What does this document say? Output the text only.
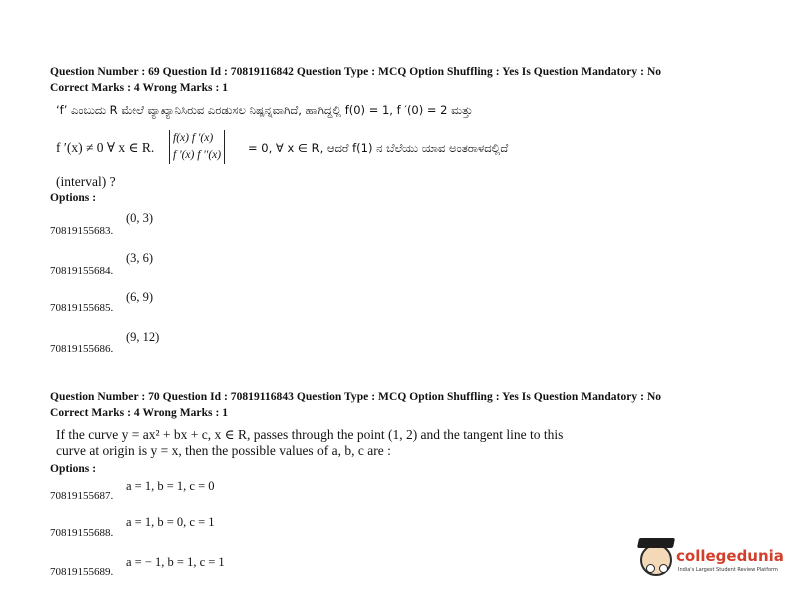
Question Number : 69 Question Id : 70819116842 Question Type : MCQ Option Shuffling : Yes Is Question Mandatory : No
Correct Marks : 4 Wrong Marks : 1
‘f’ ಎಂಬುದು R ಮೇಲೆ ವ್ಯಾಖ್ಯಾನಿಸಿರುವ ಎರಡುಸಲ ನಿಷ್ಪನ್ನವಾಗಿದೆ, ಹಾಗಿದ್ದಲ್ಲಿ f(0) = 1, f ′(0) = 2 ಮತ್ತು
f ′(x) ≠ 0 ∀ x ∈ R.
f(x) f ′(x)
f ′(x) f ′′(x) = 0, ∀ x ∈ R, ಆದರೆ f(1) ನ ಬೆಲೆಯು ಯಾವ ಅಂತರಾಳದಲ್ಲಿದೆ
(interval) ?
Options :
70819155683.
(0, 3)
70819155684.
(3, 6)
70819155685.
(6, 9)
70819155686.
(9, 12)
Question Number : 70 Question Id : 70819116843 Question Type : MCQ Option Shuffling : Yes Is Question Mandatory : No
Correct Marks : 4 Wrong Marks : 1
If the curve y = ax² + bx + c, x ∈ R, passes through the point (1, 2) and the tangent line to this
curve at origin is y = x, then the possible values of a, b, c are :
Options :
70819155687.
a = 1, b = 1, c = 0
70819155688.
a = 1, b = 0, c = 1
70819155689.
a = − 1, b = 1, c = 1	collegedunia
India's Largest Student Review Platform
